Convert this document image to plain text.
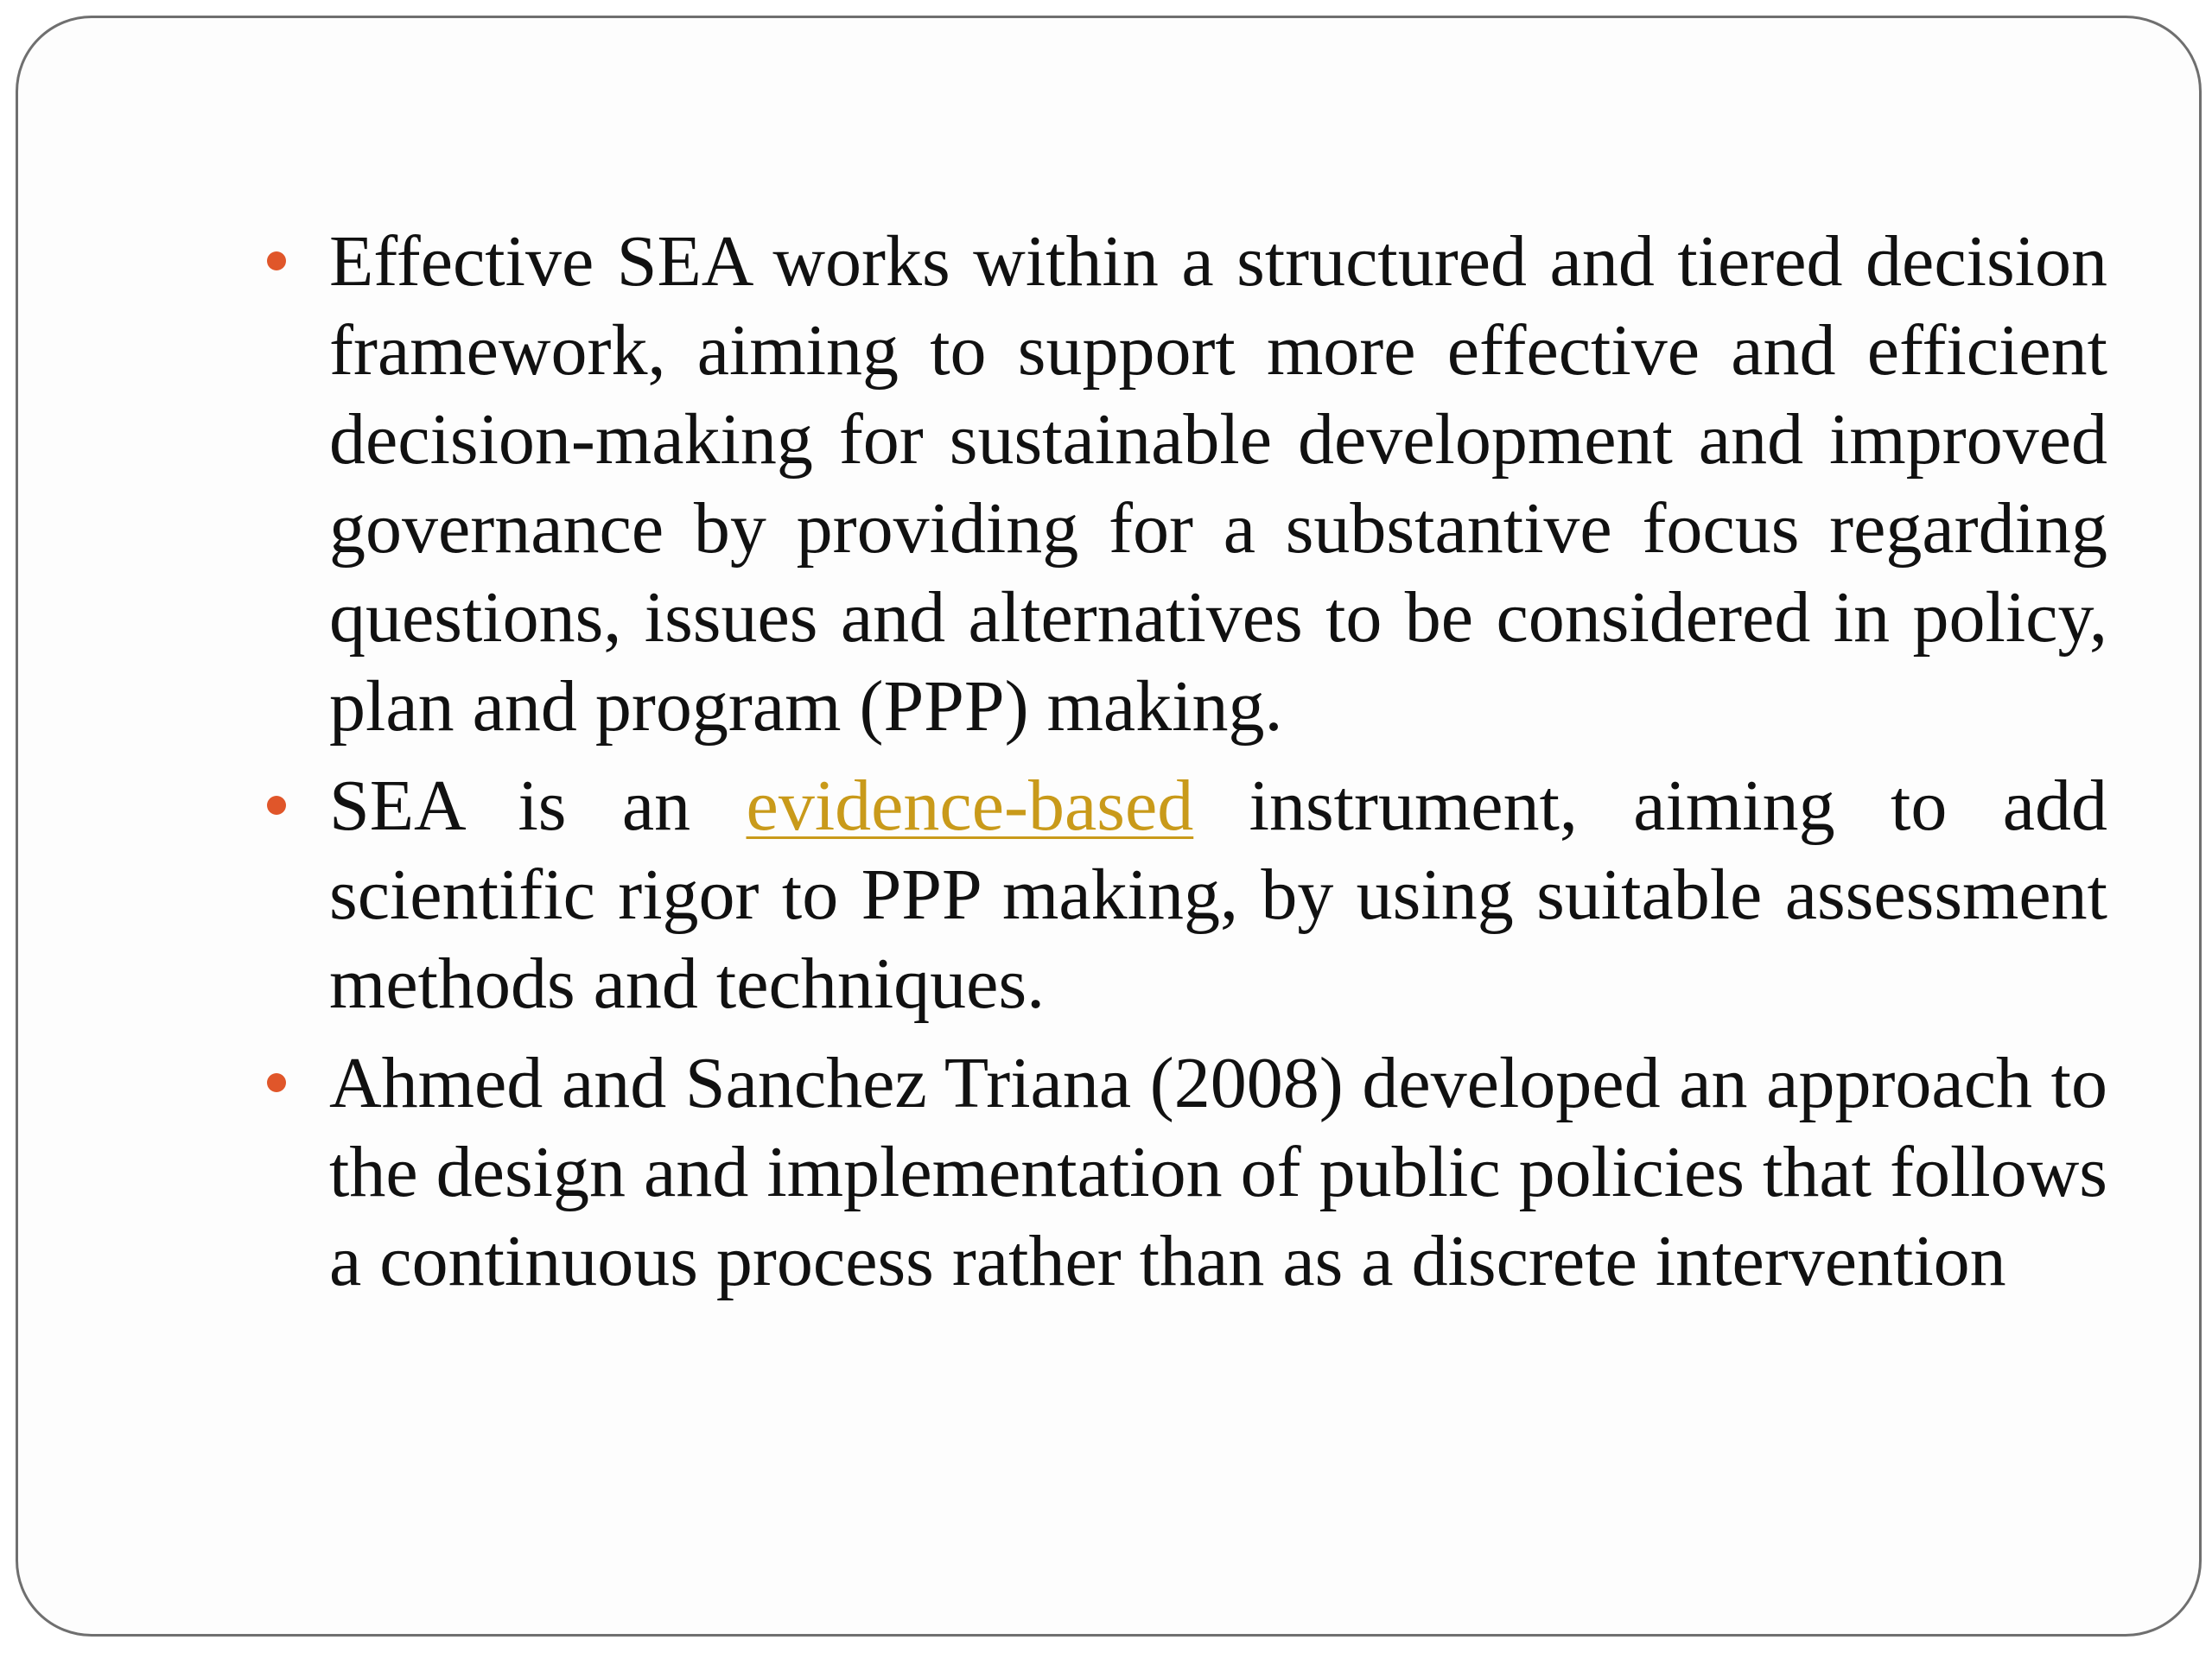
Effective SEA works within a structured and tiered decision framework, aiming to support more effective and efficient decision-making for sustainable development and improved governance by providing for a substantive focus regarding questions, issues and alternatives to be considered in policy, plan and program (PPP) making.
SEA is an evidence-based instrument, aiming to add scientific rigor to PPP making, by using suitable assessment methods and techniques.
Ahmed and Sanchez Triana (2008) developed an approach to the design and implementation of public policies that follows a continuous process rather than as a discrete intervention
